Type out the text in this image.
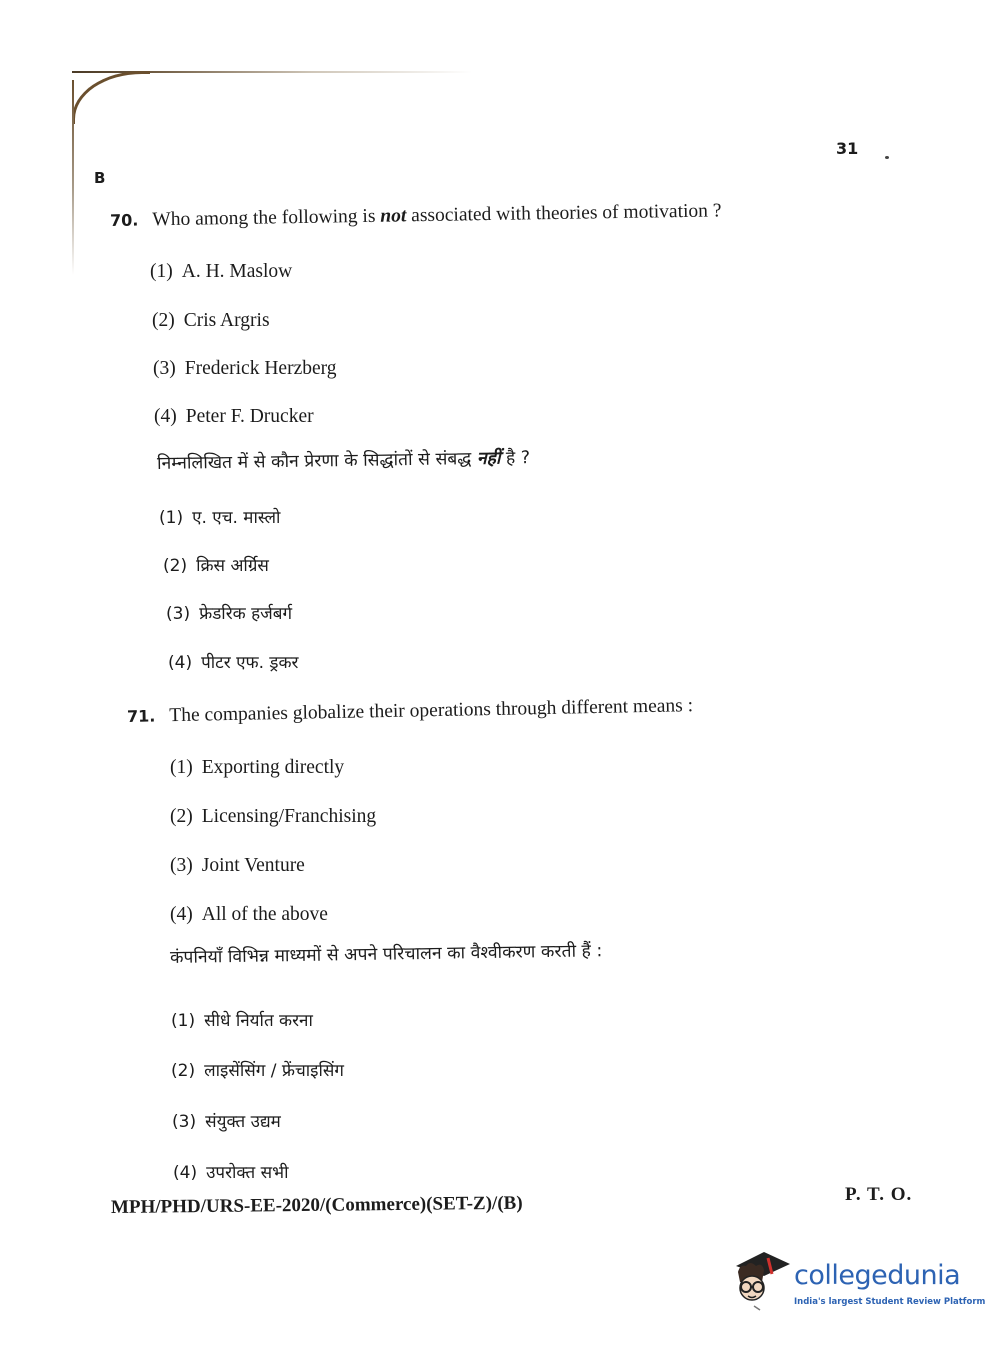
B
31
70. Who among the following is not associated with theories of motivation ?
(1) A. H. Maslow
(2) Cris Argris
(3) Frederick Herzberg
(4) Peter F. Drucker
निम्नलिखित में से कौन प्रेरणा के सिद्धांतों से संबद्ध नहीं है ?
(1) ए. एच. मास्लो
(2) क्रिस अर्ग्रिस
(3) फ्रेडरिक हर्जबर्ग
(4) पीटर एफ. ड्रकर
71. The companies globalize their operations through different means :
(1) Exporting directly
(2) Licensing/Franchising
(3) Joint Venture
(4) All of the above
कंपनियाँ विभिन्न माध्यमों से अपने परिचालन का वैश्वीकरण करती हैं :
(1) सीधे निर्यात करना
(2) लाइसेंसिंग / फ्रेंचाइसिंग
(3) संयुक्त उद्यम
(4) उपरोक्त सभी
MPH/PHD/URS-EE-2020/(Commerce)(SET-Z)/(B)	P. T. O.
collegedunia
India's largest Student Review Platform
